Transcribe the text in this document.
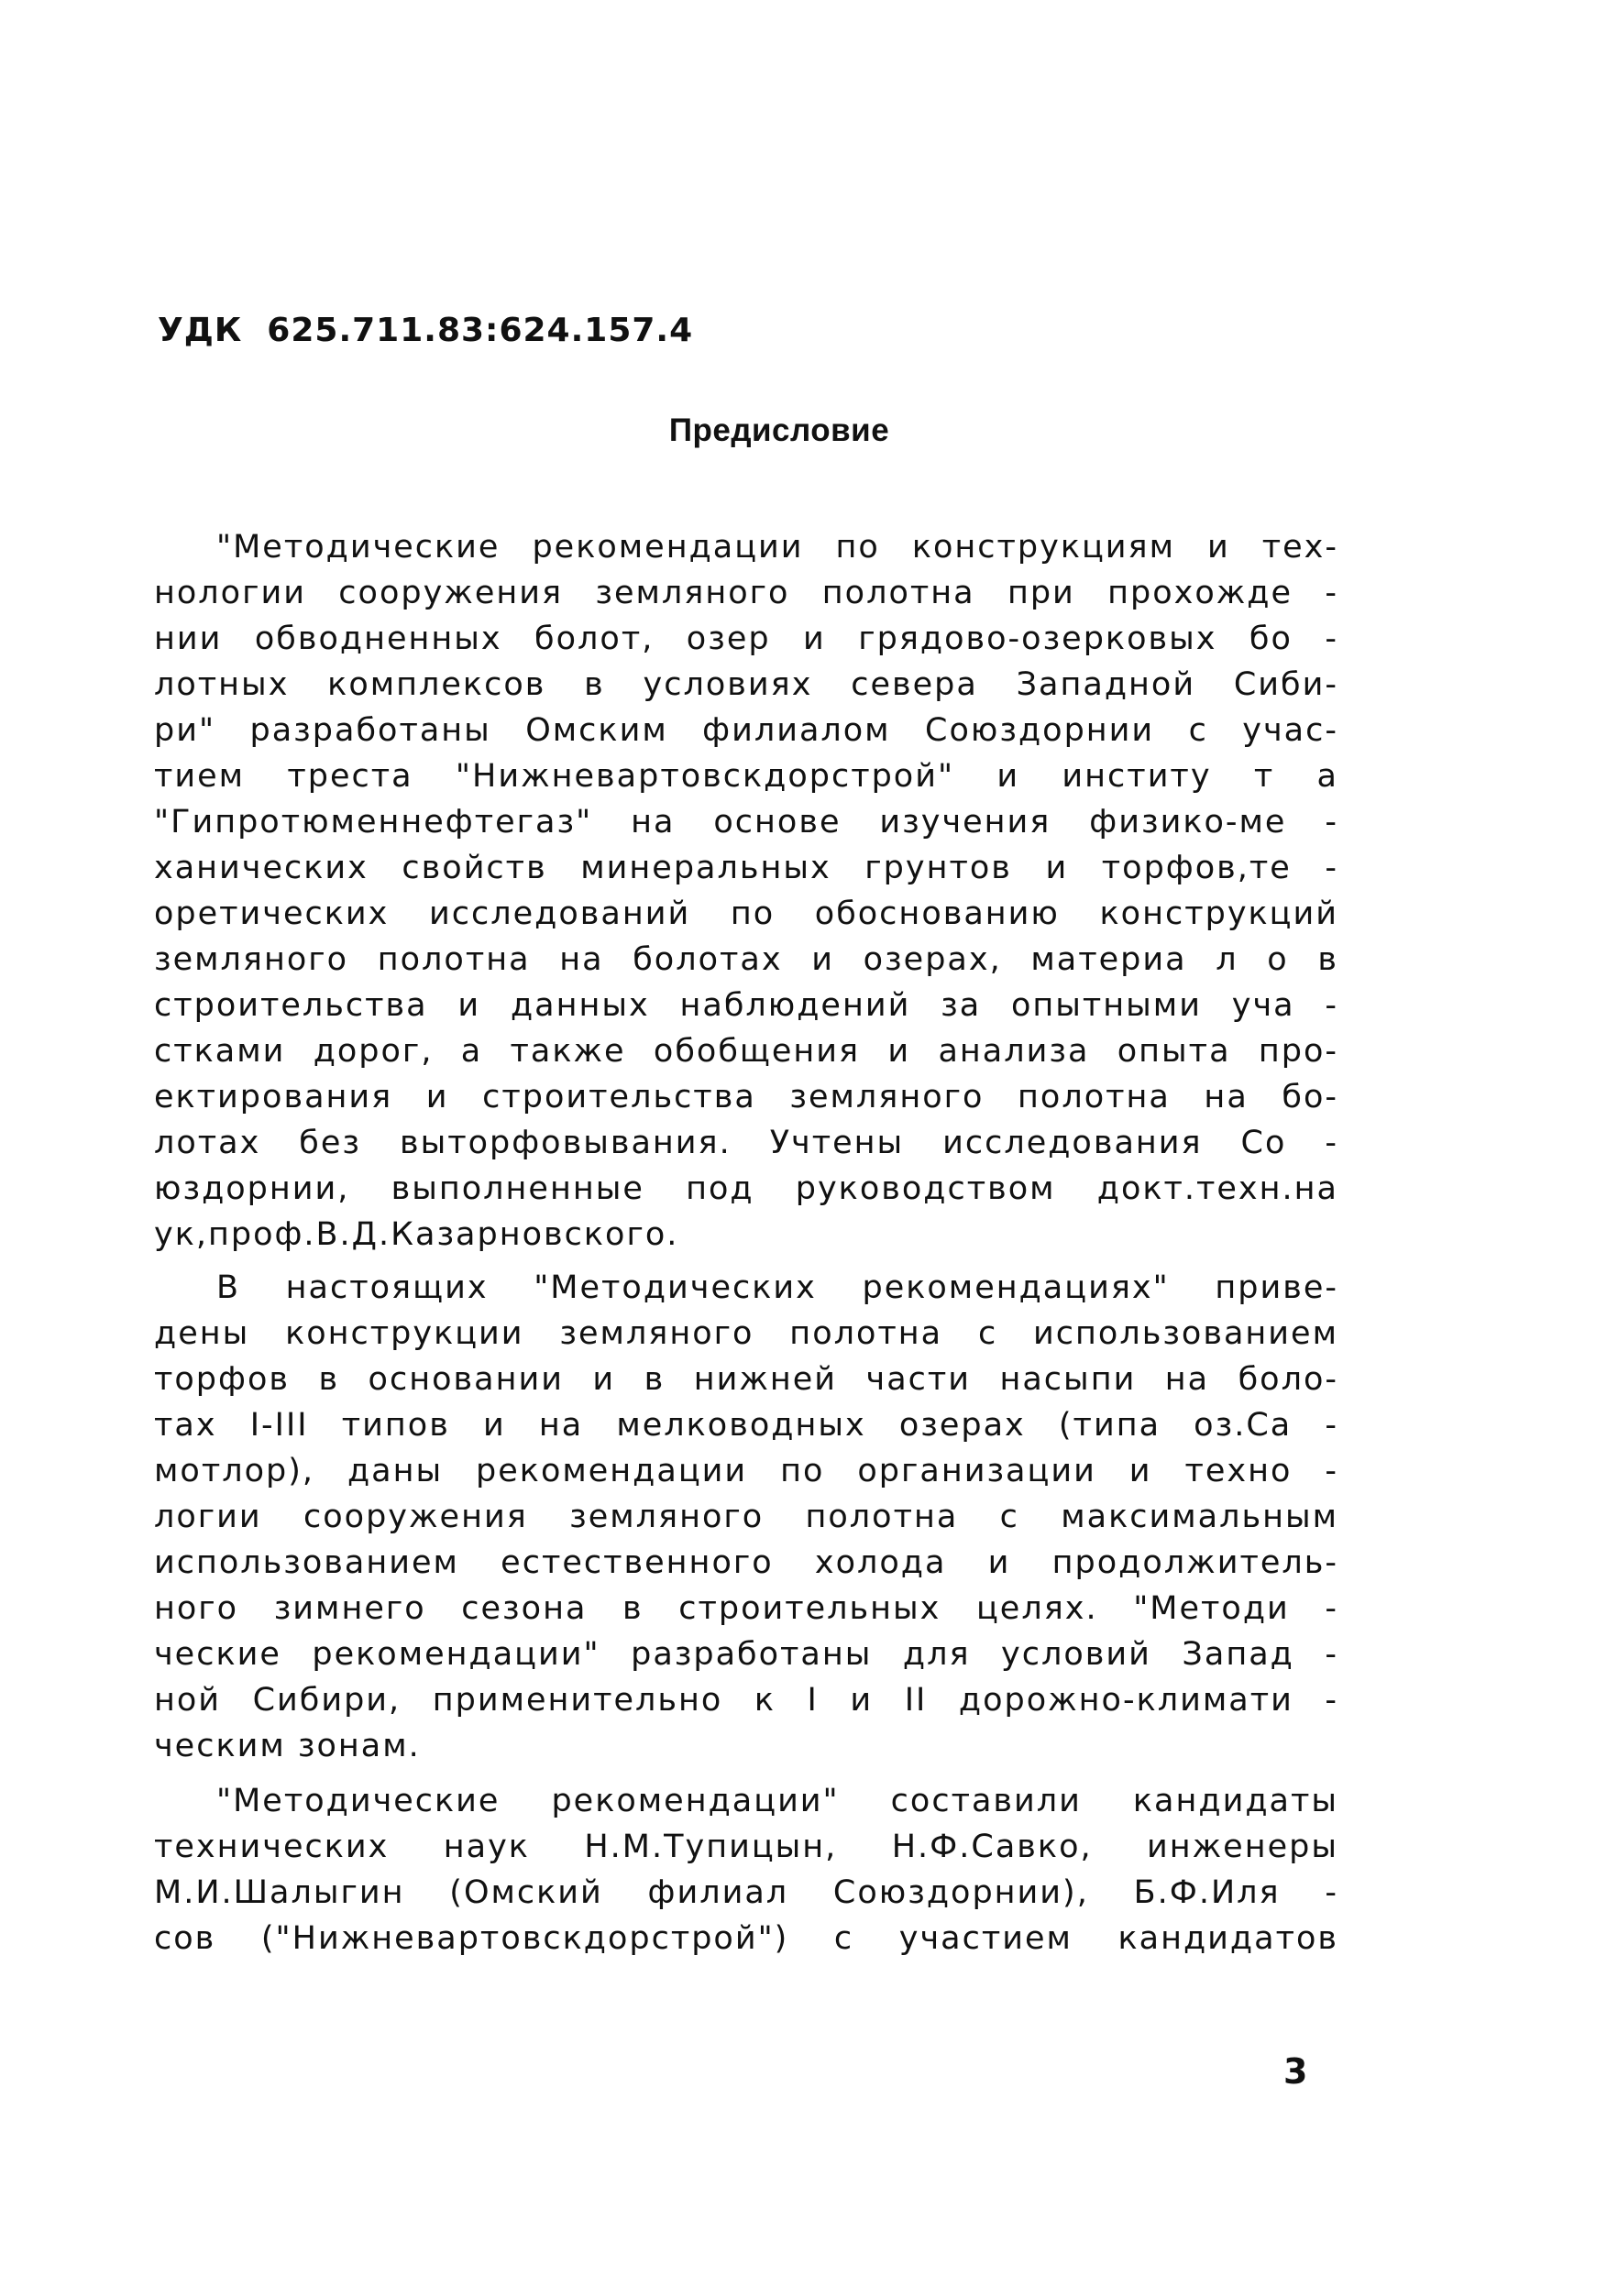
УДК  625.711.83:624.157.4
Предисловие
"Методические рекомендации по конструкциям и тех-
нологии сооружения земляного полотна при прохожде -
нии обводненных болот, озер и грядово-озерковых бо -
лотных комплексов в условиях севера Западной Сиби-
ри" разработаны Омским филиалом Союздорнии с учас-
тием треста "Нижневартовскдорстрой" и институ т а
"Гипротюменнефтегаз" на основе изучения физико-ме -
ханических свойств минеральных грунтов и торфов,те -
оретических исследований по обоснованию конструкций
земляного полотна на болотах и озерах, материа л о в
строительства и данных наблюдений за опытными уча -
стками дорог, а также обобщения и анализа опыта про-
ектирования и строительства земляного полотна на бо-
лотах без выторфовывания. Учтены исследования Со -
юздорнии, выполненные под руководством докт.техн.на
ук,проф.В.Д.Казарновского.
В настоящих "Методических рекомендациях" приве-
дены конструкции земляного полотна с использованием
торфов в основании и в нижней части насыпи на боло-
тах I-III типов и на мелководных озерах (типа оз.Са -
мотлор), даны рекомендации по организации и техно -
логии сооружения земляного полотна с максимальным
использованием естественного холода и продолжитель-
ного зимнего сезона в строительных целях. "Методи -
ческие рекомендации" разработаны для условий Запад -
ной Сибири, применительно к I и II дорожно-климати -
ческим зонам.
"Методические рекомендации" составили кандидаты
технических наук Н.М.Тупицын, Н.Ф.Савко, инженеры
М.И.Шалыгин (Омский филиал Союздорнии), Б.Ф.Иля -
сов ("Нижневартовскдорстрой") с участием кандидатов
3
